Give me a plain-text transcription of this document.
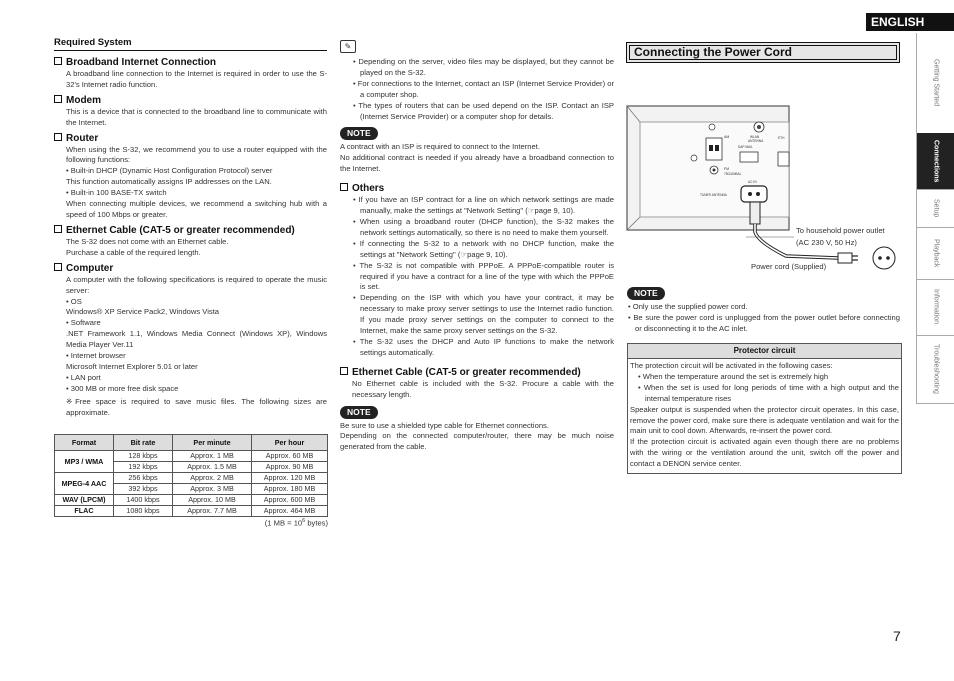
ENGLISH
Getting Started
Connections
Setup
Playback
Information
Troubleshooting
Required System
Broadband Internet Connection
A broadband line connection to the Internet is required in order to use the S-32's Internet radio function.
Modem
This is a device that is connected to the broadband line to communicate with the Internet.
Router
When using the S-32, we recommend you to use a router equipped with the following functions:
• Built-in DHCP (Dynamic Host Configuration Protocol) server
This function automatically assigns IP addresses on the LAN.
• Built-in 100 BASE-TX switch
When connecting multiple devices, we recommend a switching hub with a speed of 100 Mbps or greater.
Ethernet Cable (CAT-5 or greater recommended)
The S-32 does not come with an Ethernet cable.
Purchase a cable of the required length.
Computer
A computer with the following specifications is required to operate the music server:
• OS
Windows® XP Service Pack2, Windows Vista
• Software
.NET Framework 1.1, Windows Media Connect (Windows XP), Windows Media Player Ver.11
• Internet browser
Microsoft Internet Explorer 5.01 or later
• LAN port
• 300 MB or more free disk space
※Free space is required to save music files. The following sizes are approximate.
Format	Bit rate	Per minute	Per hour
MP3 / WMA	128 kbps	Approx. 1 MB	Approx. 60 MB
	192 kbps	Approx. 1.5 MB	Approx. 90 MB
MPEG-4 AAC	256 kbps	Approx. 2 MB	Approx. 120 MB
	392 kbps	Approx. 3 MB	Approx. 180 MB
WAV (LPCM)	1400 kbps	Approx. 10 MB	Approx. 600 MB
FLAC	1080 kbps	Approx. 7.7 MB	Approx. 464 MB
(1 MB = $10^6$ bytes)
✎
• Depending on the server, video files may be displayed, but they cannot be played on the S-32.
• For connections to the Internet, contact an ISP (Internet Service Provider) or a computer shop.
• The types of routers that can be used depend on the ISP. Contact an ISP (Internet Service Provider) or a computer shop for details.
NOTE
A contract with an ISP is required to connect to the Internet.
No additional contract is needed if you already have a broadband connection to the Internet.
Others
• If you have an ISP contract for a line on which network settings are made manually, make the settings at "Network Setting" (☞page 9, 10).
• When using a broadband router (DHCP function), the S-32 makes the network settings automatically, so there is no need to make them yourself.
• If connecting the S-32 to a network with no DHCP function, make the settings at "Network Setting" (☞page 9, 10).
• The S-32 is not compatible with PPPoE. A PPPoE-compatible router is required if you have a contract for a line of the type with which the PPPoE is set.
• Depending on the ISP with which you have your contract, it may be necessary to make proxy server settings to use the Internet radio function. If you made proxy server settings on the computer to connect to the Internet, make the same proxy server settings on the S-32.
• The S-32 uses the DHCP and Auto IP functions to make the network settings automatically.
Ethernet Cable (CAT-5 or greater recommended)
No Ethernet cable is included with the S-32. Procure a cable with the necessary length.
NOTE
Be sure to use a shielded type cable for Ethernet connections.
Depending on the connected computer/router, there may be much noise generated from the cable.
Connecting the Power Cord
AM
FM
75Ω/UNBAL
TUNER ANTENNA
WLAN
ANTENNA
DAP MAIL
ETH
AC IN
To household power outlet
(AC 230 V, 50 Hz)
Power cord (Supplied)
NOTE
• Only use the supplied power cord.
• Be sure the power cord is unplugged from the power outlet before connecting or disconnecting it to the AC inlet.
Protector circuit
The protection circuit will be activated in the following cases:
• When the temperature around the set is extremely high
• When the set is used for long periods of time with a high output and the internal temperature rises
Speaker output is suspended when the protector circuit operates. In this case, remove the power cord, make sure there is adequate ventilation and wait for the main unit to cool down. Afterwards, re-insert the power cord.
If the protection circuit is activated again even though there are no problems with the wiring or the ventilation around the unit, switch off the power and contact a DENON service center.
7
